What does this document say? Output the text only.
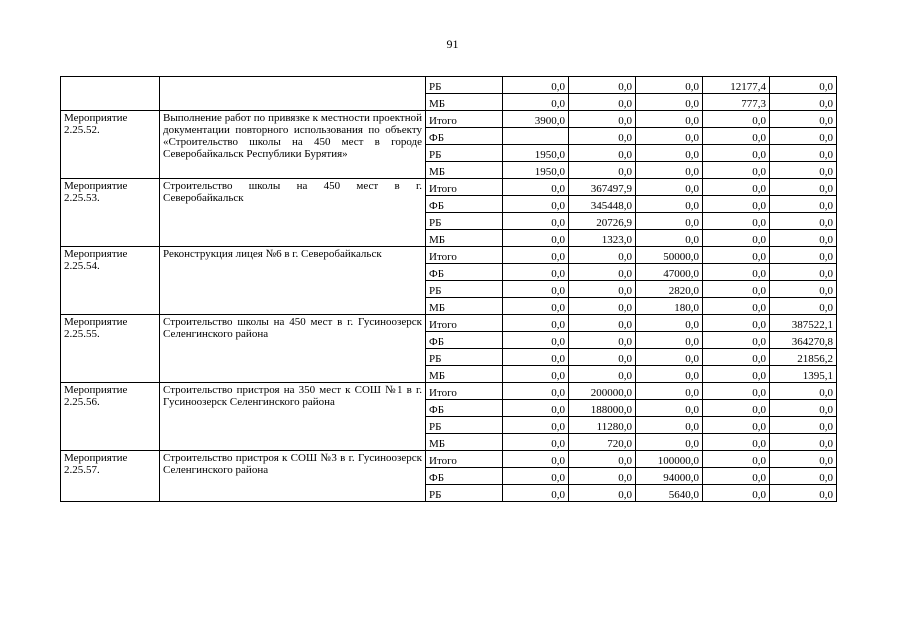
91
		РБ	0,0	0,0	0,0	12177,4	0,0
		МБ	0,0	0,0	0,0	777,3	0,0
Мероприятие 2.25.52.	Выполнение работ по привязке к местности проектной документации повторного использования по объекту «Строительство школы на 450 мест в городе Северобайкальск Республики Бурятия»	Итого	3900,0	0,0	0,0	0,0	0,0
		ФБ		0,0	0,0	0,0	0,0
		РБ	1950,0	0,0	0,0	0,0	0,0
		МБ	1950,0	0,0	0,0	0,0	0,0
Мероприятие 2.25.53.	Строительство школы на 450 мест в г. Северобайкальск	Итого	0,0	367497,9	0,0	0,0	0,0
		ФБ	0,0	345448,0	0,0	0,0	0,0
		РБ	0,0	20726,9	0,0	0,0	0,0
		МБ	0,0	1323,0	0,0	0,0	0,0
Мероприятие 2.25.54.	Реконструкция лицея №6 в г. Северобайкальск	Итого	0,0	0,0	50000,0	0,0	0,0
		ФБ	0,0	0,0	47000,0	0,0	0,0
		РБ	0,0	0,0	2820,0	0,0	0,0
		МБ	0,0	0,0	180,0	0,0	0,0
Мероприятие 2.25.55.	Строительство школы на 450 мест в г. Гусиноозерск Селенгинского района	Итого	0,0	0,0	0,0	0,0	387522,1
		ФБ	0,0	0,0	0,0	0,0	364270,8
		РБ	0,0	0,0	0,0	0,0	21856,2
		МБ	0,0	0,0	0,0	0,0	1395,1
Мероприятие 2.25.56.	Строительство пристроя на 350 мест к СОШ №1 в г. Гусиноозерск Селенгинского района	Итого	0,0	200000,0	0,0	0,0	0,0
		ФБ	0,0	188000,0	0,0	0,0	0,0
		РБ	0,0	11280,0	0,0	0,0	0,0
		МБ	0,0	720,0	0,0	0,0	0,0
Мероприятие 2.25.57.	Строительство пристроя к СОШ №3 в г. Гусиноозерск Селенгинского района	Итого	0,0	0,0	100000,0	0,0	0,0
		ФБ	0,0	0,0	94000,0	0,0	0,0
		РБ	0,0	0,0	5640,0	0,0	0,0
